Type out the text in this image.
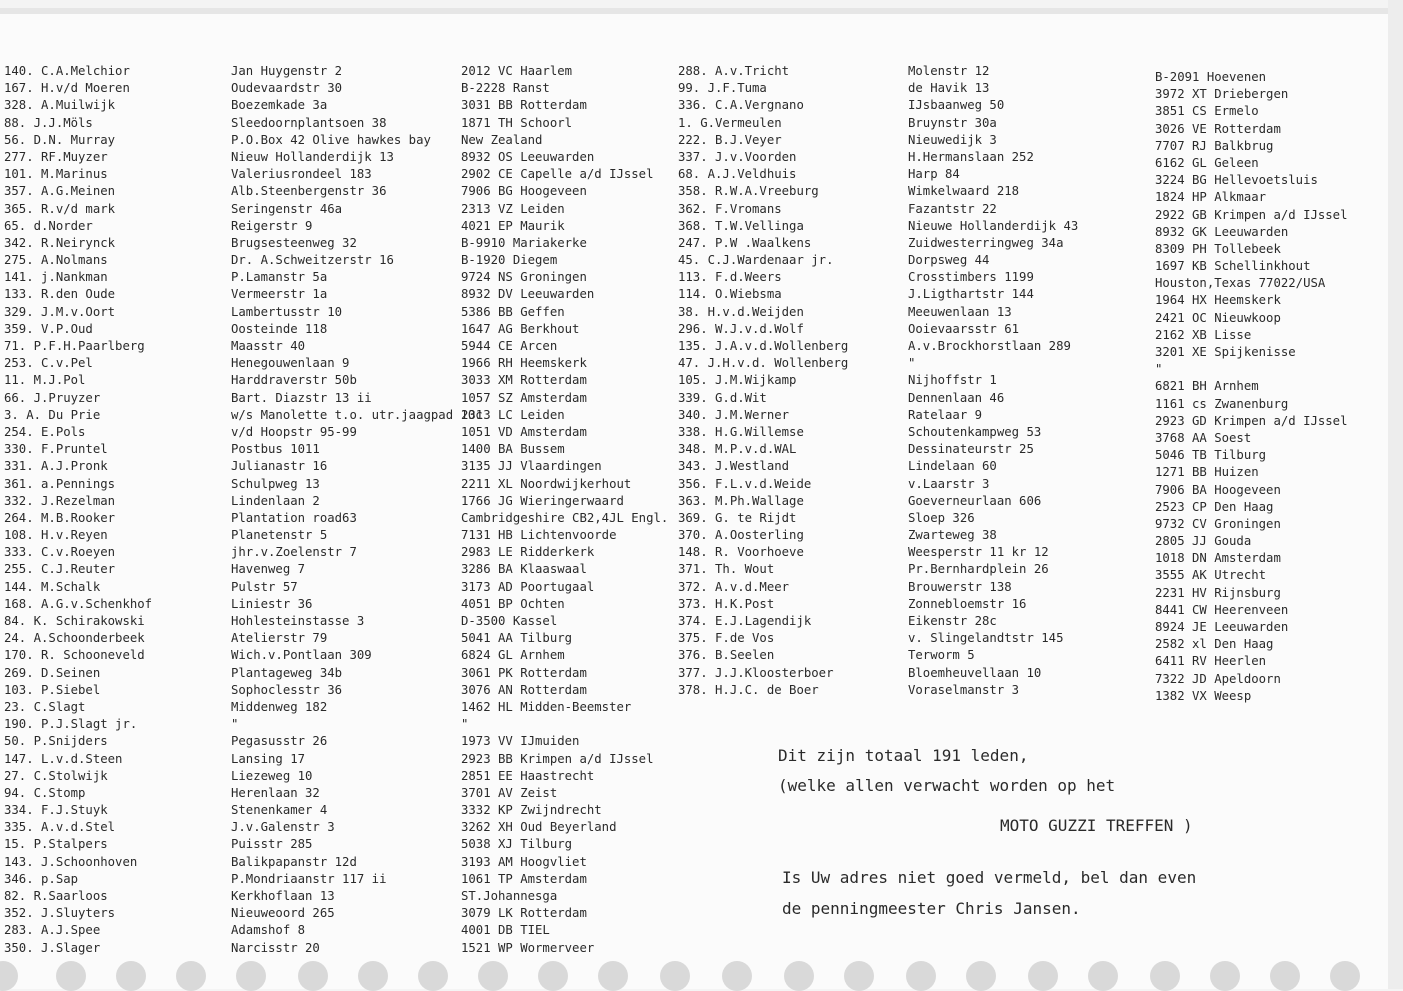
140. C.A.Melchior
167. H.v/d Moeren
328. A.Muilwijk
88. J.J.Möls
56. D.N. Murray
277. RF.Muyzer
101. M.Marinus
357. A.G.Meinen
365. R.v/d mark
65. d.Norder
342. R.Neirynck
275. A.Nolmans
141. j.Nankman
133. R.den Oude
329. J.M.v.Oort
359. V.P.Oud
71. P.F.H.Paarlberg
253. C.v.Pel
11. M.J.Pol
66. J.Pruyzer
3. A. Du Prie
254. E.Pols
330. F.Pruntel
331. A.J.Pronk
361. a.Pennings
332. J.Rezelman
264. M.B.Rooker
108. H.v.Reyen
333. C.v.Roeyen
255. C.J.Reuter
144. M.Schalk
168. A.G.v.Schenkhof
84. K. Schirakowski
24. A.Schoonderbeek
170. R. Schooneveld
269. D.Seinen
103. P.Siebel
23. C.Slagt
190. P.J.Slagt jr.
50. P.Snijders
147. L.v.d.Steen
27. C.Stolwijk
94. C.Stomp
334. F.J.Stuyk
335. A.v.d.Stel
15. P.Stalpers
143. J.Schoonhoven
346. p.Sap
82. R.Saarloos
352. J.Sluyters
283. A.J.Spee
350. J.Slager
Jan Huygenstr 2
Oudevaardstr 30
Boezemkade 3a
Sleedoornplantsoen 38
P.O.Box 42 Olive hawkes bay
Nieuw Hollanderdijk 13
Valeriusrondeel 183
Alb.Steenbergenstr 36
Seringenstr 46a
Reigerstr 9
Brugsesteenweg 32
Dr. A.Schweitzerstr 16
P.Lamanstr 5a
Vermeerstr 1a
Lambertusstr 10
Oosteinde 118
Maasstr 40
Henegouwenlaan 9
Harddraverstr 50b
Bart. Diazstr 13 ii
w/s Manolette t.o. utr.jaagpad 10c
v/d Hoopstr 95-99
Postbus 1011
Julianastr 16
Schulpweg 13
Lindenlaan 2
Plantation road63
Planetenstr 5
jhr.v.Zoelenstr 7
Havenweg 7
Pulstr 57
Liniestr 36
Hohlesteinstasse 3
Atelierstr 79
Wich.v.Pontlaan 309
Plantageweg 34b
Sophoclesstr 36
Middenweg 182
"
Pegasusstr 26
Lansing 17
Liezeweg 10
Herenlaan 32
Stenenkamer 4
J.v.Galenstr 3
Puisstr 285
Balikpapanstr 12d
P.Mondriaanstr 117 ii
Kerkhoflaan 13
Nieuweoord 265
Adamshof 8
Narcisstr 20
2012 VC Haarlem
B-2228 Ranst
3031 BB Rotterdam
1871 TH Schoorl
New Zealand
8932 OS Leeuwarden
2902 CE Capelle a/d IJssel
7906 BG Hoogeveen
2313 VZ Leiden
4021 EP Maurik
B-9910 Mariakerke
B-1920 Diegem
9724 NS Groningen
8932 DV Leeuwarden
5386 BB Geffen
1647 AG Berkhout
5944 CE Arcen
1966 RH Heemskerk
3033 XM Rotterdam
1057 SZ Amsterdam
2313 LC Leiden
1051 VD Amsterdam
1400 BA Bussem
3135 JJ Vlaardingen
2211 XL Noordwijkerhout
1766 JG Wieringerwaard
Cambridgeshire CB2,4JL Engl.
7131 HB Lichtenvoorde
2983 LE Ridderkerk
3286 BA Klaaswaal
3173 AD Poortugaal
4051 BP Ochten
D-3500 Kassel
5041 AA Tilburg
6824 GL Arnhem
3061 PK Rotterdam
3076 AN Rotterdam
1462 HL Midden-Beemster
"
1973 VV IJmuiden
2923 BB Krimpen a/d IJssel
2851 EE Haastrecht
3701 AV Zeist
3332 KP Zwijndrecht
3262 XH Oud Beyerland
5038 XJ Tilburg
3193 AM Hoogvliet
1061 TP Amsterdam
ST.Johannesga
3079 LK Rotterdam
4001 DB TIEL
1521 WP Wormerveer
288. A.v.Tricht
99. J.F.Tuma
336. C.A.Vergnano
1. G.Vermeulen
222. B.J.Veyer
337. J.v.Voorden
68. A.J.Veldhuis
358. R.W.A.Vreeburg
362. F.Vromans
368. T.W.Vellinga
247. P.W .Waalkens
45. C.J.Wardenaar jr.
113. F.d.Weers
114. O.Wiebsma
38. H.v.d.Weijden
296. W.J.v.d.Wolf
135. J.A.v.d.Wollenberg
47. J.H.v.d. Wollenberg
105. J.M.Wijkamp
339. G.d.Wit
340. J.M.Werner
338. H.G.Willemse
348. M.P.v.d.WAL
343. J.Westland
356. F.L.v.d.Weide
363. M.Ph.Wallage
369. G. te Rijdt
370. A.Oosterling
148. R. Voorhoeve
371. Th. Wout
372. A.v.d.Meer
373. H.K.Post
374. E.J.Lagendijk
375. F.de Vos
376. B.Seelen
377. J.J.Kloosterboer
378. H.J.C. de Boer
Molenstr 12
de Havik 13
IJsbaanweg 50
Bruynstr 30a
Nieuwedijk 3
H.Hermanslaan 252
Harp 84
Wimkelwaard 218
Fazantstr 22
Nieuwe Hollanderdijk 43
Zuidwesterringweg 34a
Dorpsweg 44
Crosstimbers 1199
J.Ligthartstr 144
Meeuwenlaan 13
Ooievaarsstr 61
A.v.Brockhorstlaan 289
"
Nijhoffstr 1
Dennenlaan 46
Ratelaar 9
Schoutenkampweg 53
Dessinateurstr 25
Lindelaan 60
v.Laarstr 3
Goeverneurlaan 606
Sloep 326
Zwarteweg 38
Weesperstr 11 kr 12
Pr.Bernhardplein 26
Brouwerstr 138
Zonnebloemstr 16
Eikenstr 28c
v. Slingelandtstr 145
Terworm 5
Bloemheuvellaan 10
Voraselmanstr 3
B-2091 Hoevenen
3972 XT Driebergen
3851 CS Ermelo
3026 VE Rotterdam
7707 RJ Balkbrug
6162 GL Geleen
3224 BG Hellevoetsluis
1824 HP Alkmaar
2922 GB Krimpen a/d IJssel
8932 GK Leeuwarden
8309 PH Tollebeek
1697 KB Schellinkhout
Houston,Texas 77022/USA
1964 HX Heemskerk
2421 OC Nieuwkoop
2162 XB Lisse
3201 XE Spijkenisse
"
6821 BH Arnhem
1161 cs Zwanenburg
2923 GD Krimpen a/d IJssel
3768 AA Soest
5046 TB Tilburg
1271 BB Huizen
7906 BA Hoogeveen
2523 CP Den Haag
9732 CV Groningen
2805 JJ Gouda
1018 DN Amsterdam
3555 AK Utrecht
2231 HV Rijnsburg
8441 CW Heerenveen
8924 JE Leeuwarden
2582 xl Den Haag
6411 RV Heerlen
7322 JD Apeldoorn
1382 VX Weesp
Dit zijn totaal 191 leden,
(welke allen verwacht worden op het
MOTO GUZZI TREFFEN )
Is Uw adres niet goed vermeld, bel dan even
de penningmeester Chris Jansen.
